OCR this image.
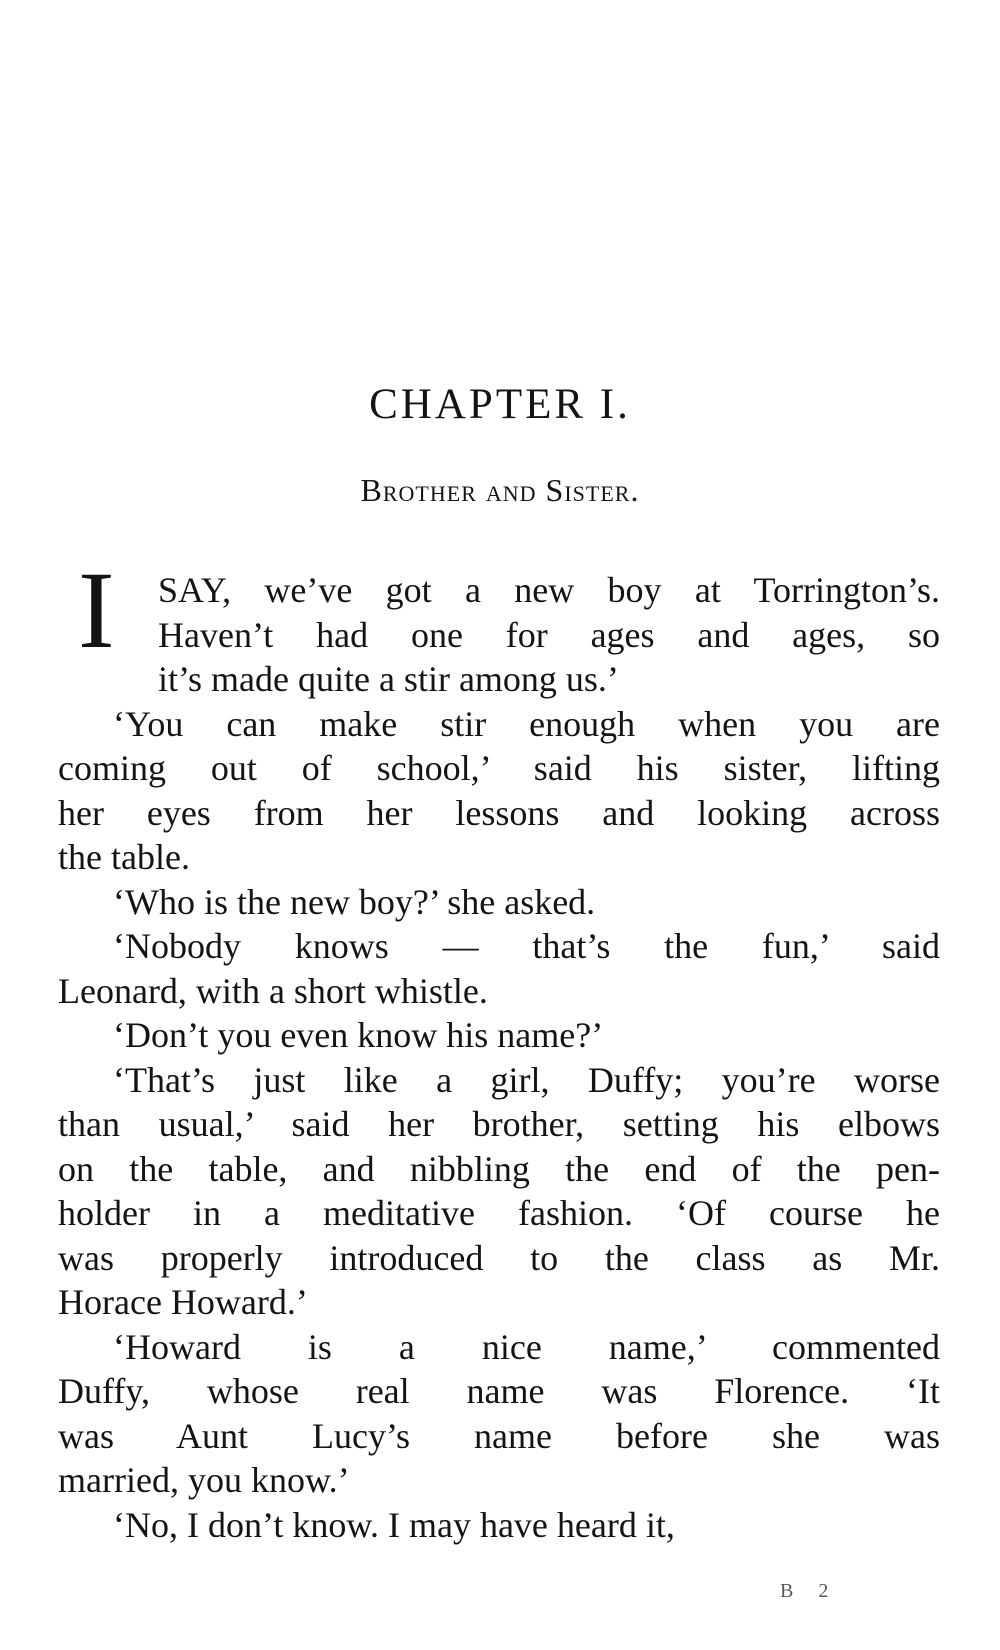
CHAPTER I.
Brother and Sister.
I	SAY, we’ve got a new boy at Torrington’s.
Haven’t had one for ages and ages, so
it’s made quite a stir among us.’
‘You can make stir enough when you are
coming out of school,’ said his sister, lifting
her eyes from her lessons and looking across
the table.
‘Who is the new boy?’ she asked.
‘Nobody knows — that’s the fun,’ said
Leonard, with a short whistle.
‘Don’t you even know his name?’
‘That’s just like a girl, Duffy; you’re worse
than usual,’ said her brother, setting his elbows
on the table, and nibbling the end of the pen-
holder in a meditative fashion. ‘Of course he
was properly introduced to the class as Mr.
Horace Howard.’
‘Howard is a nice name,’ commented
Duffy, whose real name was Florence. ‘It
was Aunt Lucy’s name before she was
married, you know.’
‘No, I don’t know. I may have heard it,

B 2
